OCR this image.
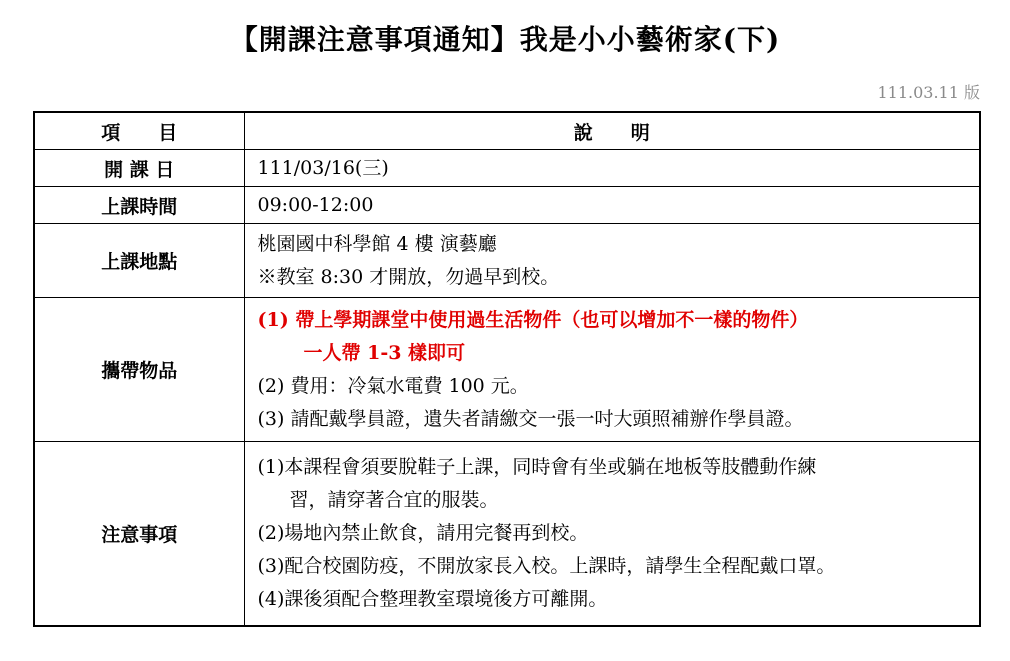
【開課注意事項通知】我是小小藝術家(下)
111.03.11 版
項　　目	說　　明
開 課 日	111/03/16(三)

上課時間	09:00-12:00

上課地點	桃園國中科學館 4 樓 演藝廳
※教室 8:30 才開放，勿過早到校。

攜帶物品	(1) 帶上學期課堂中使用過生活物件（也可以增加不一樣的物件）
一人帶 1-3 樣即可
(2) 費用：冷氣水電費 100 元。
(3) 請配戴學員證，遺失者請繳交一張一吋大頭照補辦作學員證。

注意事項	(1)本課程會須要脫鞋子上課，同時會有坐或躺在地板等肢體動作練
習，請穿著合宜的服裝。
(2)場地內禁止飲食，請用完餐再到校。
(3)配合校園防疫，不開放家長入校。上課時，請學生全程配戴口罩。
(4)課後須配合整理教室環境後方可離開。
